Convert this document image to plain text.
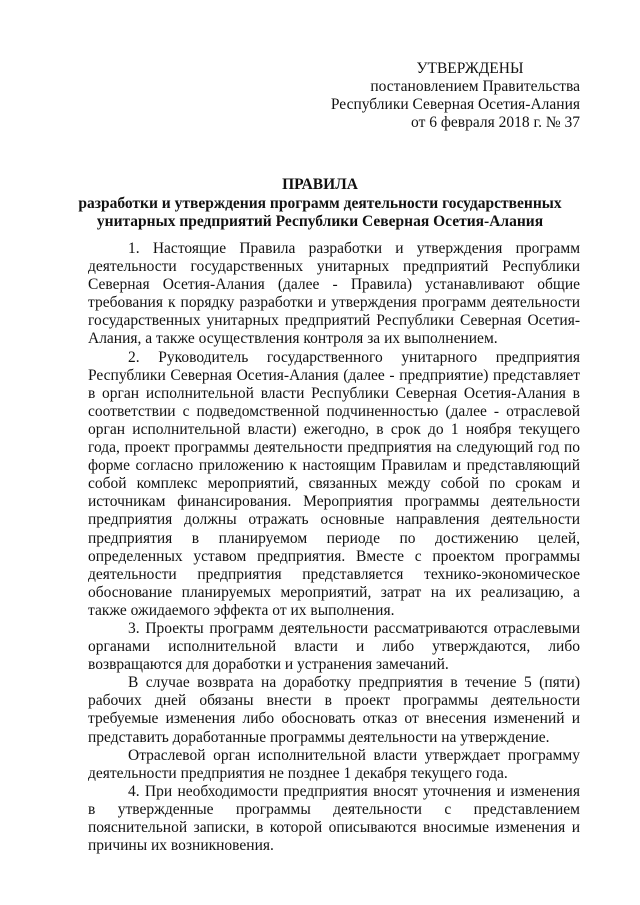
УТВЕРЖДЕНЫ
постановлением Правительства
Республики Северная Осетия-Алания
от 6 февраля 2018 г. № 37
ПРАВИЛА
разработки и утверждения программ деятельности государственных
унитарных предприятий Республики Северная Осетия-Алания

1. Настоящие Правила разработки и утверждения программ деятельности государственных унитарных предприятий Республики Северная Осетия-Алания (далее - Правила) устанавливают общие требования к порядку разработки и утверждения программ деятельности государственных унитарных предприятий Республики Северная Осетия-Алания, а также осуществления контроля за их выполнением.

2. Руководитель государственного унитарного предприятия Республики Северная Осетия-Алания (далее - предприятие) представляет в орган исполнительной власти Республики Северная Осетия-Алания в соответствии с подведомственной подчиненностью (далее - отраслевой орган исполнительной власти) ежегодно, в срок до 1 ноября текущего года, проект программы деятельности предприятия на следующий год по форме согласно приложению к настоящим Правилам и представляющий собой комплекс мероприятий, связанных между собой по срокам и источникам финансирования. Мероприятия программы деятельности предприятия должны отражать основные направления деятельности предприятия в планируемом периоде по достижению целей, определенных уставом предприятия. Вместе с проектом программы деятельности предприятия представляется технико-экономическое обоснование планируемых мероприятий, затрат на их реализацию, а также ожидаемого эффекта от их выполнения.

3. Проекты программ деятельности рассматриваются отраслевыми органами исполнительной власти и либо утверждаются, либо возвращаются для доработки и устранения замечаний.

В случае возврата на доработку предприятия в течение 5 (пяти) рабочих дней обязаны внести в проект программы деятельности требуемые изменения либо обосновать отказ от внесения изменений и представить доработанные программы деятельности на утверждение.

Отраслевой орган исполнительной власти утверждает программу деятельности предприятия не позднее 1 декабря текущего года.

4. При необходимости предприятия вносят уточнения и изменения в утвержденные программы деятельности с представлением пояснительной записки, в которой описываются вносимые изменения и причины их возникновения.
